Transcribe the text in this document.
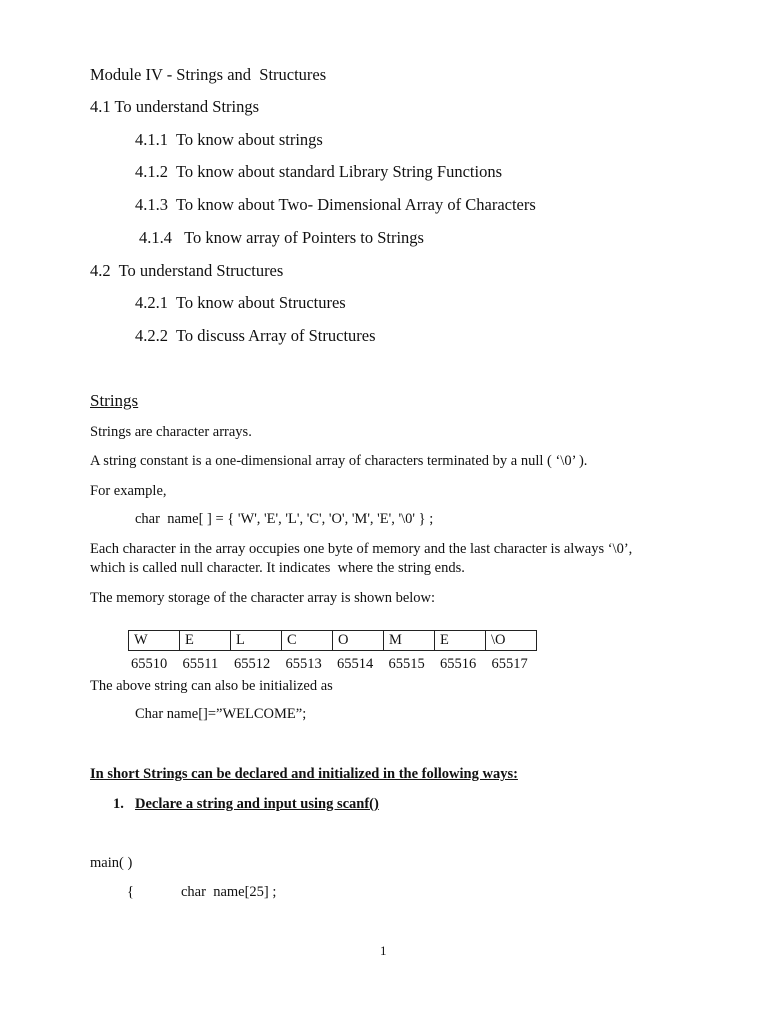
Module IV - Strings and  Structures
4.1 To understand Strings
4.1.1  To know about strings
4.1.2  To know about standard Library String Functions
4.1.3  To know about Two- Dimensional Array of Characters
4.1.4   To know array of Pointers to Strings
4.2  To understand Structures
4.2.1  To know about Structures
4.2.2  To discuss Array of Structures
Strings
Strings are character arrays.
A string constant is a one-dimensional array of characters terminated by a null ( ‘\0’ ).
For example,
char  name[ ] = { 'W', 'E', 'L', 'C', 'O', 'M', 'E', '\0' } ;
Each character in the array occupies one byte of memory and the last character is always ‘\0’,
which is called null character. It indicates  where the string ends.
The memory storage of the character array is shown below:
W	E	L	C	O	M	E	\O
65510	65511	65512	65513	65514	65515	65516	65517
The above string can also be initialized as
Char name[]=”WELCOME”;
In short Strings can be declared and initialized in the following ways:
1. Declare a string and input using scanf()
main( )
{	char  name[25] ;
1
